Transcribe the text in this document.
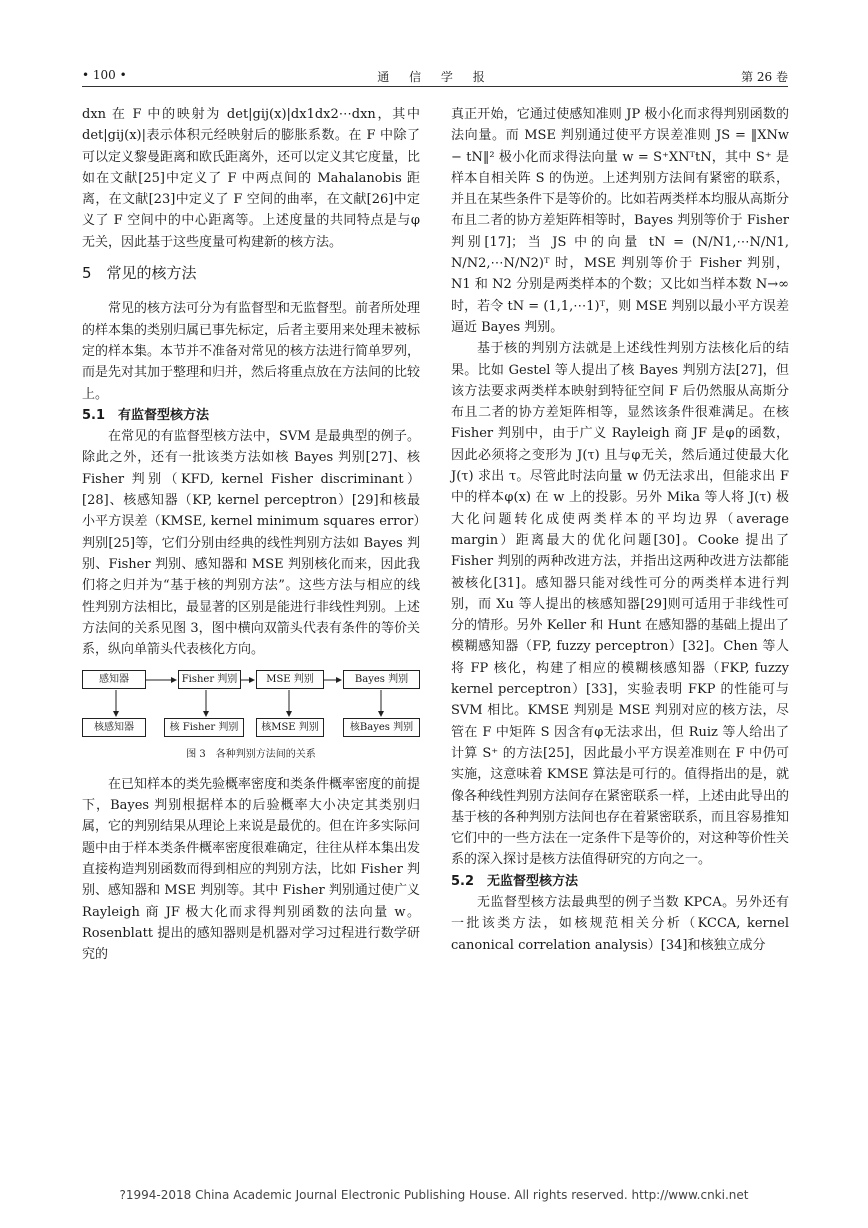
• 100 •	通 信 学 报	第 26 卷

dxn 在 F 中的映射为 det|gij(x)|dx1dx2⋯dxn，其中 det|gij(x)|表示体积元经映射后的膨胀系数。在 F 中除了可以定义黎曼距离和欧氏距离外，还可以定义其它度量，比如在文献[25]中定义了 F 中两点间的 Mahalanobis 距离，在文献[23]中定义了 F 空间的曲率，在文献[26]中定义了 F 空间中的中心距离等。上述度量的共同特点是与φ无关，因此基于这些度量可构建新的核方法。

5　常见的核方法

常见的核方法可分为有监督型和无监督型。前者所处理的样本集的类别归属已事先标定，后者主要用来处理未被标定的样本集。本节并不准备对常见的核方法进行简单罗列，而是先对其加于整理和归并，然后将重点放在方法间的比较上。

5.1　有监督型核方法

在常见的有监督型核方法中，SVM 是最典型的例子。除此之外，还有一批该类方法如核 Bayes 判别[27]、核 Fisher 判别（KFD, kernel Fisher discriminant）[28]、核感知器（KP, kernel perceptron）[29]和核最小平方误差（KMSE, kernel minimum squares error）判别[25]等，它们分别由经典的线性判别方法如 Bayes 判别、Fisher 判别、感知器和 MSE 判别核化而来，因此我们将之归并为“基于核的判别方法”。这些方法与相应的线性判别方法相比，最显著的区别是能进行非线性判别。上述方法间的关系见图 3，图中横向双箭头代表有条件的等价关系，纵向单箭头代表核化方向。

感知器	Fisher 判别	MSE 判别	Bayes 判别
核感知器	核 Fisher 判别	核MSE 判别	核Bayes 判别
图 3　各种判别方法间的关系

在已知样本的类先验概率密度和类条件概率密度的前提下，Bayes 判别根据样本的后验概率大小决定其类别归属，它的判别结果从理论上来说是最优的。但在许多实际问题中由于样本类条件概率密度很难确定，往往从样本集出发直接构造判别函数而得到相应的判别方法，比如 Fisher 判别、感知器和 MSE 判别等。其中 Fisher 判别通过使广义 Rayleigh 商 JF 极大化而求得判别函数的法向量 w。Rosenblatt 提出的感知器则是机器对学习过程进行数学研究的

真正开始，它通过使感知准则 JP 极小化而求得判别函数的法向量。而 MSE 判别通过使平方误差准则 JS = ‖XNw − tN‖² 极小化而求得法向量 w = S⁺XNᵀtN，其中 S⁺ 是样本自相关阵 S 的伪逆。上述判别方法间有紧密的联系，并且在某些条件下是等价的。比如若两类样本均服从高斯分布且二者的协方差矩阵相等时，Bayes 判别等价于 Fisher 判别[17]；当 JS 中的向量 tN = (N/N1,⋯N/N1, N/N2,⋯N/N2)ᵀ 时，MSE 判别等价于 Fisher 判别，N1 和 N2 分别是两类样本的个数；又比如当样本数 N→∞ 时，若令 tN = (1,1,⋯1)ᵀ，则 MSE 判别以最小平方误差逼近 Bayes 判别。

基于核的判别方法就是上述线性判别方法核化后的结果。比如 Gestel 等人提出了核 Bayes 判别方法[27]，但该方法要求两类样本映射到特征空间 F 后仍然服从高斯分布且二者的协方差矩阵相等，显然该条件很难满足。在核 Fisher 判别中，由于广义 Rayleigh 商 JF 是φ的函数，因此必须将之变形为 J(τ) 且与φ无关，然后通过使最大化 J(τ) 求出 τ。尽管此时法向量 w 仍无法求出，但能求出 F 中的样本φ(x) 在 w 上的投影。另外 Mika 等人将 J(τ) 极大化问题转化成使两类样本的平均边界（average margin）距离最大的优化问题[30]。Cooke 提出了 Fisher 判别的两种改进方法，并指出这两种改进方法都能被核化[31]。感知器只能对线性可分的两类样本进行判别，而 Xu 等人提出的核感知器[29]则可适用于非线性可分的情形。另外 Keller 和 Hunt 在感知器的基础上提出了模糊感知器（FP, fuzzy perceptron）[32]。Chen 等人将 FP 核化，构建了相应的模糊核感知器（FKP, fuzzy kernel perceptron）[33]，实验表明 FKP 的性能可与 SVM 相比。KMSE 判别是 MSE 判别对应的核方法，尽管在 F 中矩阵 S 因含有φ无法求出，但 Ruiz 等人给出了计算 S⁺ 的方法[25]，因此最小平方误差准则在 F 中仍可实施，这意味着 KMSE 算法是可行的。值得指出的是，就像各种线性判别方法间存在紧密联系一样，上述由此导出的基于核的各种判别方法间也存在着紧密联系，而且容易推知它们中的一些方法在一定条件下是等价的，对这种等价性关系的深入探讨是核方法值得研究的方向之一。

5.2　无监督型核方法

无监督型核方法最典型的例子当数 KPCA。另外还有一批该类方法，如核规范相关分析（KCCA, kernel canonical correlation analysis）[34]和核独立成分

?1994-2018 China Academic Journal Electronic Publishing House. All rights reserved. http://www.cnki.net
